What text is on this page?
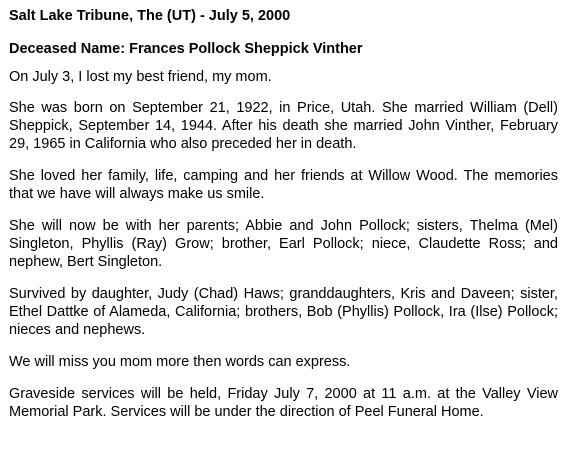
Salt Lake Tribune, The (UT) - July 5, 2000
Deceased Name: Frances Pollock Sheppick Vinther

On July 3, I lost my best friend, my mom.

She was born on September 21, 1922, in Price, Utah. She married William (Dell) Sheppick, September 14, 1944. After his death she married John Vinther, February 29, 1965 in California who also preceded her in death.

She loved her family, life, camping and her friends at Willow Wood. The memories that we have will always make us smile.

She will now be with her parents; Abbie and John Pollock; sisters, Thelma (Mel) Singleton, Phyllis (Ray) Grow; brother, Earl Pollock; niece, Claudette Ross; and nephew, Bert Singleton.

Survived by daughter, Judy (Chad) Haws; granddaughters, Kris and Daveen; sister, Ethel Dattke of Alameda, California; brothers, Bob (Phyllis) Pollock, Ira (Ilse) Pollock; nieces and nephews.

We will miss you mom more then words can express.

Graveside services will be held, Friday July 7, 2000 at 11 a.m. at the Valley View Memorial Park. Services will be under the direction of Peel Funeral Home.
